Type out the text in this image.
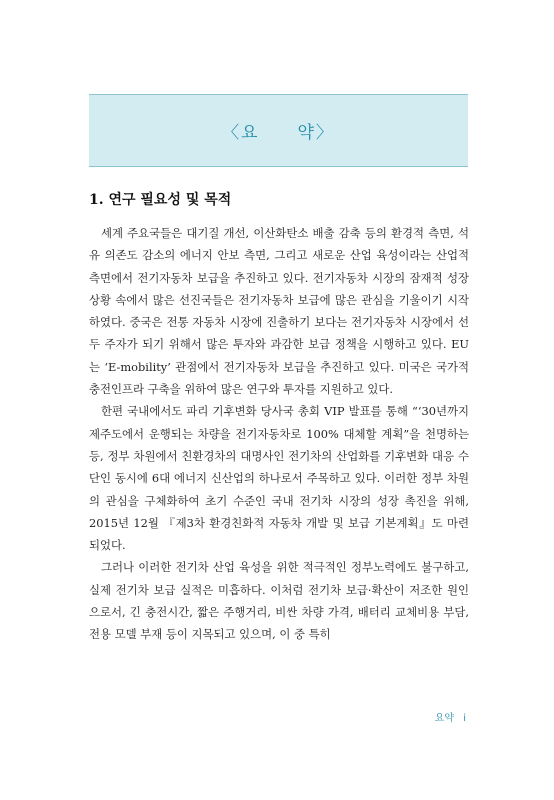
〈요　　약〉
1. 연구 필요성 및 목적

세계 주요국들은 대기질 개선, 이산화탄소 배출 감축 등의 환경적 측면, 석유 의존도 감소의 에너지 안보 측면, 그리고 새로운 산업 육성이라는 산업적 측면에서 전기자동차 보급을 추진하고 있다. 전기자동차 시장의 잠재적 성장 상황 속에서 많은 선진국들은 전기자동차 보급에 많은 관심을 기울이기 시작하였다. 중국은 전통 자동차 시장에 진출하기 보다는 전기자동차 시장에서 선두 주자가 되기 위해서 많은 투자와 과감한 보급 정책을 시행하고 있다. EU는 ‘E-mobility’ 관점에서 전기자동차 보급을 추진하고 있다. 미국은 국가적 충전인프라 구축을 위하여 많은 연구와 투자를 지원하고 있다.

한편 국내에서도 파리 기후변화 당사국 총회 VIP 발표를 통해 “‘30년까지 제주도에서 운행되는 차량을 전기자동차로 100% 대체할 계획”을 천명하는 등, 정부 차원에서 친환경차의 대명사인 전기차의 산업화를 기후변화 대응 수단인 동시에 6대 에너지 신산업의 하나로서 주목하고 있다. 이러한 정부 차원의 관심을 구체화하여 초기 수준인 국내 전기차 시장의 성장 촉진을 위해, 2015년 12월 『제3차 환경친화적 자동차 개발 및 보급 기본계획』도 마련되었다.

그러나 이러한 전기차 산업 육성을 위한 적극적인 정부노력에도 불구하고, 실제 전기차 보급 실적은 미흡하다. 이처럼 전기차 보급·확산이 저조한 원인으로서, 긴 충전시간, 짧은 주행거리, 비싼 차량 가격, 배터리 교체비용 부담, 전용 모델 부재 등이 지목되고 있으며, 이 중 특히

요약 i
